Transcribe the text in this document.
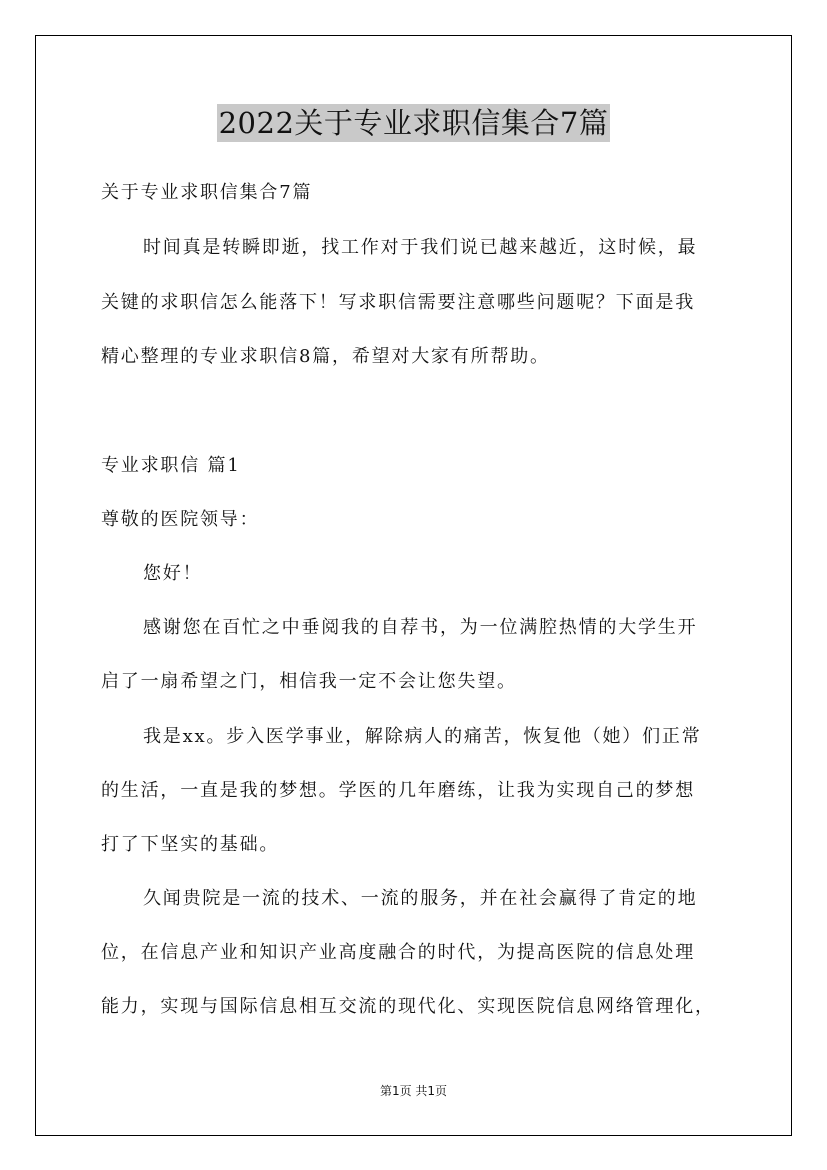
2022关于专业求职信集合7篇
关于专业求职信集合7篇
时间真是转瞬即逝，找工作对于我们说已越来越近，这时候，最
关键的求职信怎么能落下！写求职信需要注意哪些问题呢？下面是我
精心整理的专业求职信8篇，希望对大家有所帮助。
专业求职信 篇1
尊敬的医院领导：
您好！
感谢您在百忙之中垂阅我的自荐书，为一位满腔热情的大学生开
启了一扇希望之门，相信我一定不会让您失望。
我是xx。步入医学事业，解除病人的痛苦，恢复他（她）们正常
的生活，一直是我的梦想。学医的几年磨练，让我为实现自己的梦想
打了下坚实的基础。
久闻贵院是一流的技术、一流的服务，并在社会赢得了肯定的地
位，在信息产业和知识产业高度融合的时代，为提高医院的信息处理
能力，实现与国际信息相互交流的现代化、实现医院信息网络管理化，
第1页 共1页
